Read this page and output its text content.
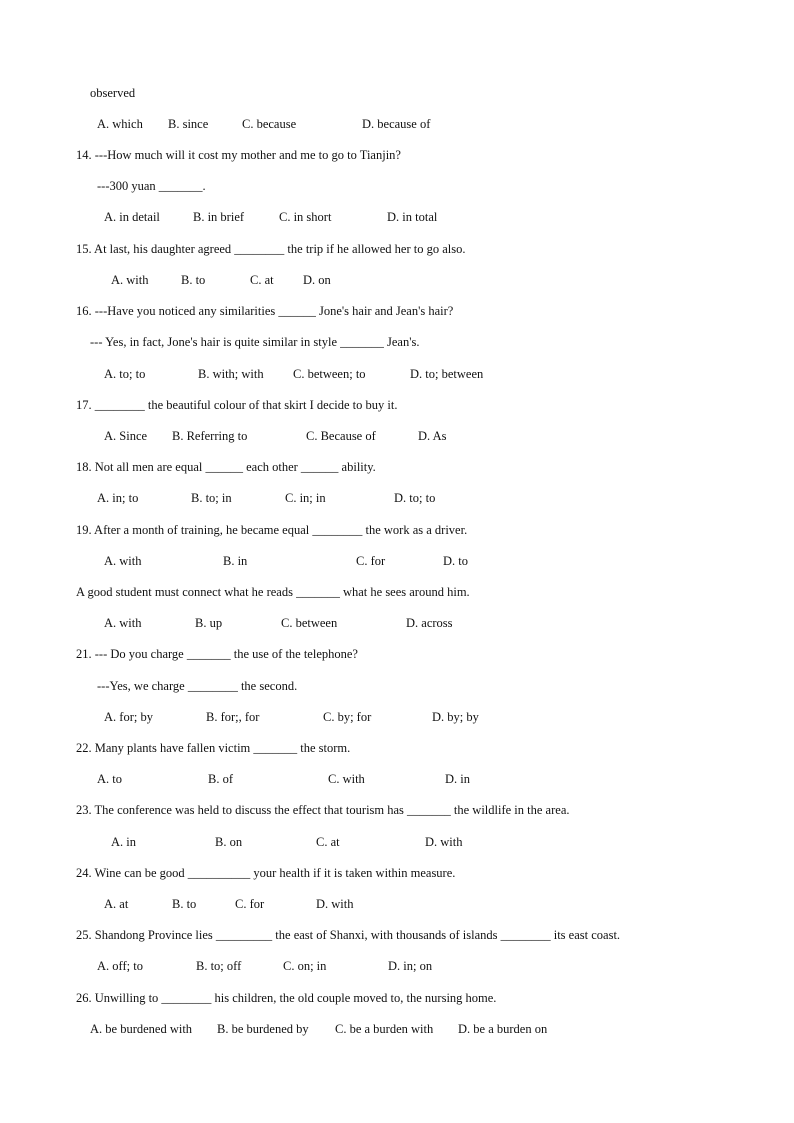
observed
A. which B. since	C. because	D. because of
14. ---How much will it cost my mother and me to go to Tianjin?
---300 yuan _______.
A. in detail	B. in brief	C. in short	D. in total
15. At last, his daughter agreed ________ the trip if he allowed her to go also.
A. with	B. to	C. at D. on
16. ---Have you noticed any similarities ______ Jone's hair and Jean's hair?
--- Yes, in fact, Jone's hair is quite similar in style _______ Jean's.
A. to; to	B. with; with C. between; to	D. to; between
17. ________ the beautiful colour of that skirt I decide to buy it.
A. Since B. Referring to	C. Because of	D. As
18. Not all men are equal ______ each other ______ ability.
A. in; to	B. to; in	C. in; in	D. to; to
19. After a month of training, he became equal ________ the work as a driver.
A. with	B. in	C. for	D. to
A good student must connect what he reads _______ what he sees around him.
A. with	B. up	C. between	D. across
21. --- Do you charge _______ the use of the telephone?
---Yes, we charge ________ the second.
A. for; by	B. for;, for	C. by; for	D. by; by
22. Many plants have fallen victim _______ the storm.
A. to	B. of	C. with	D. in
23. The conference was held to discuss the effect that tourism has _______ the wildlife in the area.
A. in	B. on	C. at	D. with
24. Wine can be good __________ your health if it is taken within measure.
A. at	B. to	C. for	D. with
25. Shandong Province lies _________ the east of Shanxi, with thousands of islands ________ its east coast.
A. off; to	B. to; off	C. on; in	D. in; on
26. Unwilling to ________ his children, the old couple moved to, the nursing home.
A. be burdened with B. be burdened by C. be a burden with D. be a burden on
